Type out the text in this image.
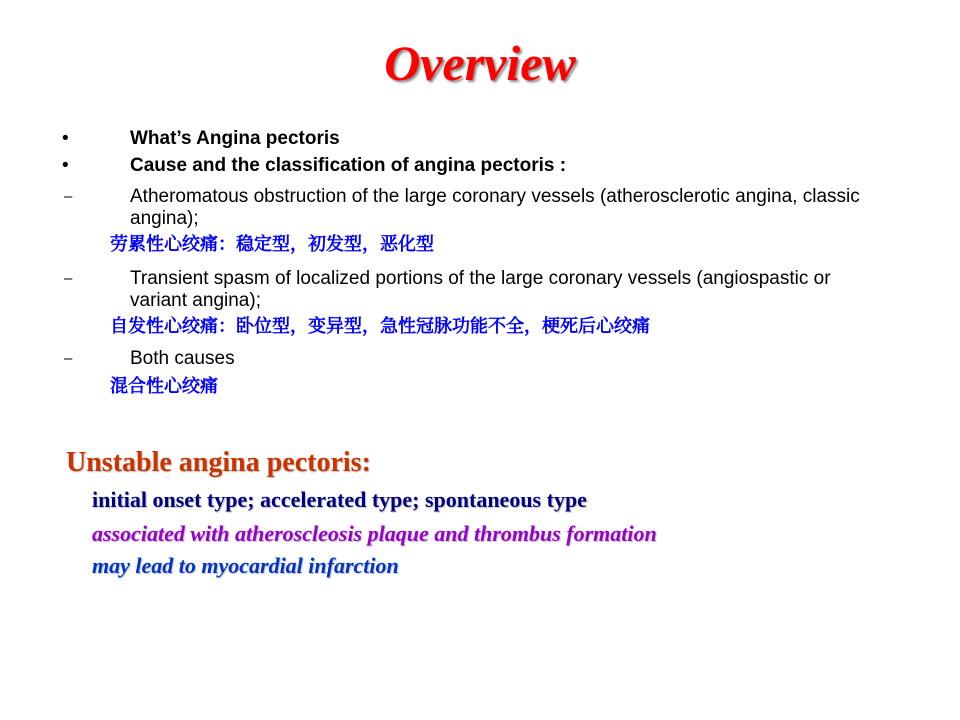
Overview
•	What’s Angina pectoris
•	Cause and the classification of angina pectoris :
–	Atheromatous obstruction of the large coronary vessels (atherosclerotic angina, classic angina);
劳累性心绞痛：稳定型，初发型，恶化型
–	Transient spasm of localized portions of the large coronary vessels (angiospastic or variant angina);
自发性心绞痛：卧位型，变异型，急性冠脉功能不全，梗死后心绞痛
–	Both causes
混合性心绞痛
Unstable angina pectoris:
initial onset type; accelerated type; spontaneous type
associated with atheroscleosis plaque and thrombus formation
may lead to myocardial infarction
